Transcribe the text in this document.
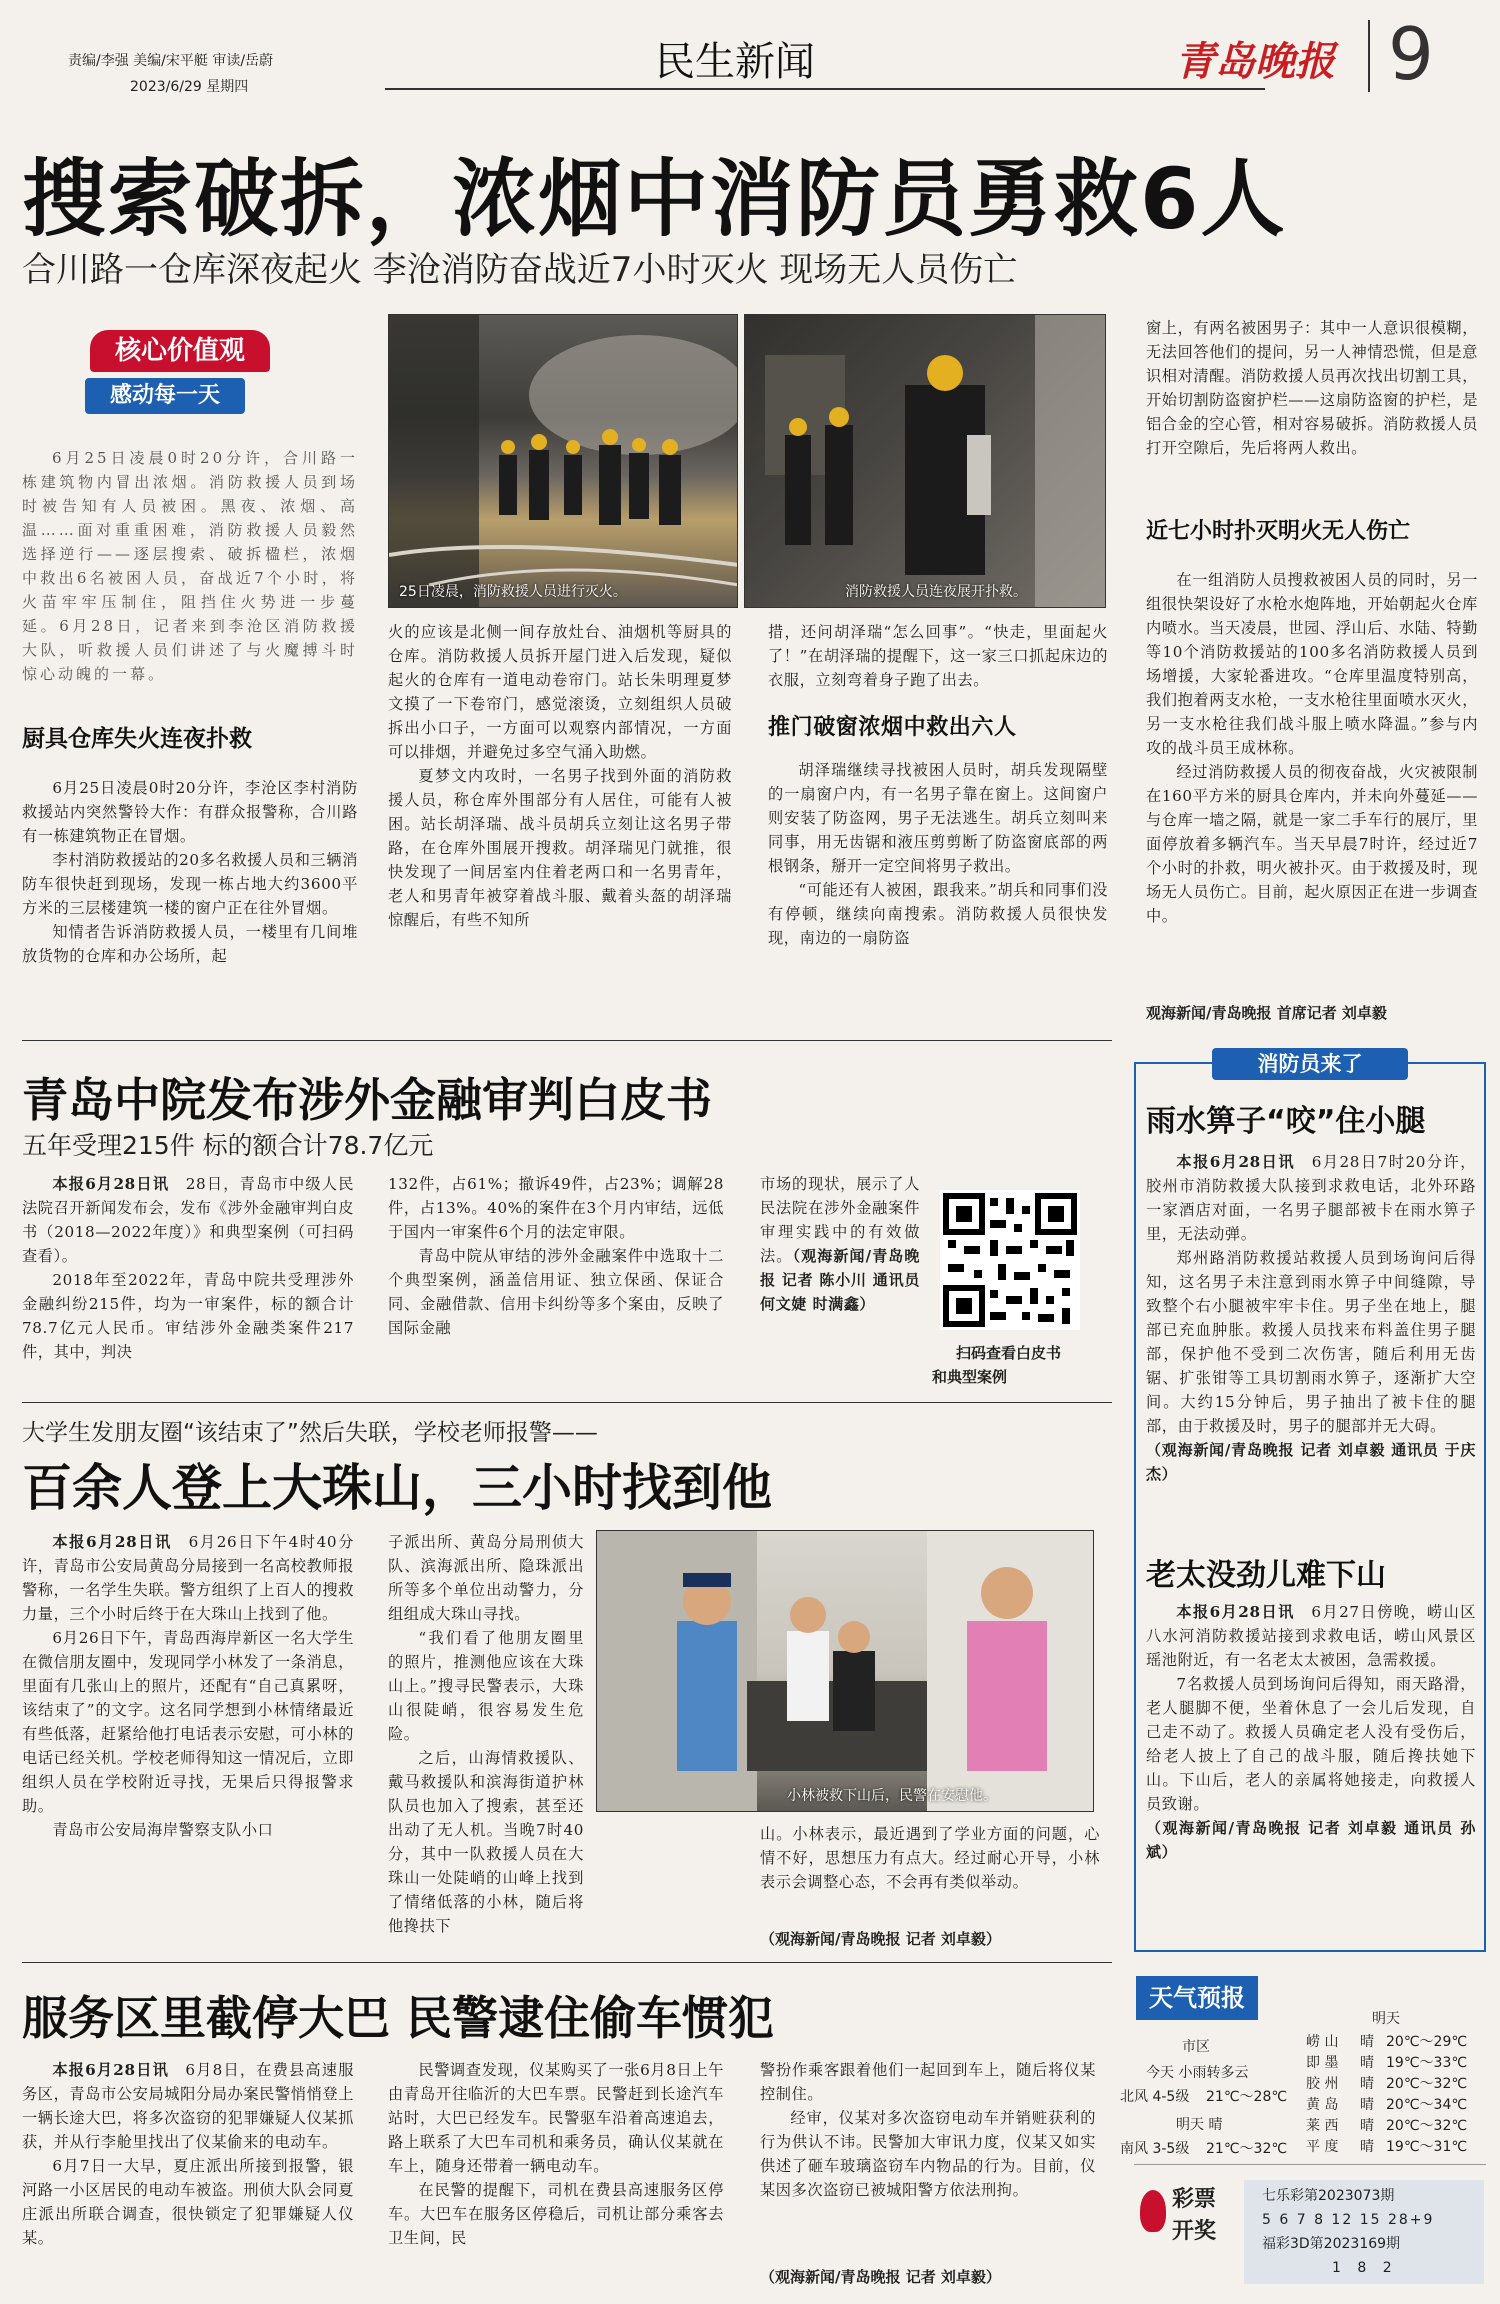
责编/李强 美编/宋平艇 审读/岳蔚
2023/6/29 星期四
民生新闻	青岛晚报 9
搜索破拆，浓烟中消防员勇救6人
合川路一仓库深夜起火 李沧消防奋战近7小时灭火 现场无人员伤亡
核心价值观
感动每一天

6月25日凌晨0时20分许，合川路一栋建筑物内冒出浓烟。消防救援人员到场时被告知有人员被困。黑夜、浓烟、高温……面对重重困难，消防救援人员毅然选择逆行——逐层搜索、破拆楹栏，浓烟中救出6名被困人员，奋战近7个小时，将火苗牢牢压制住，阻挡住火势进一步蔓延。6月28日，记者来到李沧区消防救援大队，听救援人员们讲述了与火魔搏斗时惊心动魄的一幕。

厨具仓库失火连夜扑救

6月25日凌晨0时20分许，李沧区李村消防救援站内突然警铃大作：有群众报警称，合川路有一栋建筑物正在冒烟。

李村消防救援站的20多名救援人员和三辆消防车很快赶到现场，发现一栋占地大约3600平方米的三层楼建筑一楼的窗户正在往外冒烟。

知情者告诉消防救援人员，一楼里有几间堆放货物的仓库和办公场所，起

25日凌晨，消防救援人员进行灭火。	消防救援人员连夜展开扑救。

火的应该是北侧一间存放灶台、油烟机等厨具的仓库。消防救援人员拆开屋门进入后发现，疑似起火的仓库有一道电动卷帘门。站长朱明理夏梦文摸了一下卷帘门，感觉滚烫，立刻组织人员破拆出小口子，一方面可以观察内部情况，一方面可以排烟，并避免过多空气涌入助燃。

夏梦文内攻时，一名男子找到外面的消防救援人员，称仓库外围部分有人居住，可能有人被困。站长胡泽瑞、战斗员胡兵立刻让这名男子带路，在仓库外围展开搜救。胡泽瑞见门就推，很快发现了一间居室内住着老两口和一名男青年，老人和男青年被穿着战斗服、戴着头盔的胡泽瑞惊醒后，有些不知所

措，还问胡泽瑞“怎么回事”。“快走，里面起火了！”在胡泽瑞的提醒下，这一家三口抓起床边的衣服，立刻弯着身子跑了出去。

推门破窗浓烟中救出六人

胡泽瑞继续寻找被困人员时，胡兵发现隔壁的一扇窗户内，有一名男子靠在窗上。这间窗户则安装了防盗网，男子无法逃生。胡兵立刻叫来同事，用无齿锯和液压剪剪断了防盗窗底部的两根钢条，掰开一定空间将男子救出。

“可能还有人被困，跟我来。”胡兵和同事们没有停顿，继续向南搜索。消防救援人员很快发现，南边的一扇防盗

窗上，有两名被困男子：其中一人意识很模糊，无法回答他们的提问，另一人神情恐慌，但是意识相对清醒。消防救援人员再次找出切割工具，开始切割防盗窗护栏——这扇防盗窗的护栏，是铝合金的空心管，相对容易破拆。消防救援人员打开空隙后，先后将两人救出。

近七小时扑灭明火无人伤亡

在一组消防人员搜救被困人员的同时，另一组很快架设好了水枪水炮阵地，开始朝起火仓库内喷水。当天凌晨，世园、浮山后、水陆、特勤等10个消防救援站的100多名消防救援人员到场增援，大家轮番进攻。“仓库里温度特别高，我们抱着两支水枪，一支水枪往里面喷水灭火，另一支水枪往我们战斗服上喷水降温。”参与内攻的战斗员王成林称。

经过消防救援人员的彻夜奋战，火灾被限制在160平方米的厨具仓库内，并未向外蔓延——与仓库一墙之隔，就是一家二手车行的展厅，里面停放着多辆汽车。当天早晨7时许，经过近7个小时的扑救，明火被扑灭。由于救援及时，现场无人员伤亡。目前，起火原因正在进一步调查中。

观海新闻/青岛晚报 首席记者 刘卓毅
青岛中院发布涉外金融审判白皮书
五年受理215件 标的额合计78.7亿元

本报6月28日讯　 28日，青岛市中级人民法院召开新闻发布会，发布《涉外金融审判白皮书（2018—2022年度）》和典型案例（可扫码查看）。

2018年至2022年，青岛中院共受理涉外金融纠纷215件，均为一审案件，标的额合计78.7亿元人民币。审结涉外金融类案件217件，其中，判决

132件，占61%；撤诉49件，占23%；调解28件，占13%。40%的案件在3个月内审结，远低于国内一审案件6个月的法定审限。

青岛中院从审结的涉外金融案件中选取十二个典型案例，涵盖信用证、独立保函、保证合同、金融借款、信用卡纠纷等多个案由，反映了国际金融

市场的现状，展示了人民法院在涉外金融案件审理实践中的有效做法。（观海新闻/青岛晚报 记者 陈小川 通讯员 何文婕 时满鑫）

扫码查看白皮书
和典型案例
大学生发朋友圈“该结束了”然后失联，学校老师报警——
百余人登上大珠山，三小时找到他

本报6月28日讯　 6月26日下午4时40分许，青岛市公安局黄岛分局接到一名高校教师报警称，一名学生失联。警方组织了上百人的搜救力量，三个小时后终于在大珠山上找到了他。

6月26日下午，青岛西海岸新区一名大学生在微信朋友圈中，发现同学小林发了一条消息，里面有几张山上的照片，还配有“自己真累呀，该结束了”的文字。这名同学想到小林情绪最近有些低落，赶紧给他打电话表示安慰，可小林的电话已经关机。学校老师得知这一情况后，立即组织人员在学校附近寻找，无果后只得报警求助。

青岛市公安局海岸警察支队小口

子派出所、黄岛分局刑侦大队、滨海派出所、隐珠派出所等多个单位出动警力，分组组成大珠山寻找。

“我们看了他朋友圈里的照片，推测他应该在大珠山上。”搜寻民警表示，大珠山很陡峭，很容易发生危险。

之后，山海情救援队、戴马救援队和滨海街道护林队员也加入了搜索，甚至还出动了无人机。当晚7时40分，其中一队救援人员在大珠山一处陡峭的山峰上找到了情绪低落的小林，随后将他搀扶下

小林被救下山后，民警在安慰他。

山。小林表示，最近遇到了学业方面的问题，心情不好，思想压力有点大。经过耐心开导，小林表示会调整心态，不会再有类似举动。

（观海新闻/青岛晚报 记者 刘卓毅）
服务区里截停大巴 民警逮住偷车惯犯

本报6月28日讯　 6月8日，在费县高速服务区，青岛市公安局城阳分局办案民警悄悄登上一辆长途大巴，将多次盗窃的犯罪嫌疑人仪某抓获，并从行李舱里找出了仪某偷来的电动车。

6月7日一大早，夏庄派出所接到报警，银河路一小区居民的电动车被盗。刑侦大队会同夏庄派出所联合调查，很快锁定了犯罪嫌疑人仪某。

民警调查发现，仪某购买了一张6月8日上午由青岛开往临沂的大巴车票。民警赶到长途汽车站时，大巴已经发车。民警驱车沿着高速追去，路上联系了大巴车司机和乘务员，确认仪某就在车上，随身还带着一辆电动车。

在民警的提醒下，司机在费县高速服务区停车。大巴车在服务区停稳后，司机让部分乘客去卫生间，民

警扮作乘客跟着他们一起回到车上，随后将仪某控制住。

经审，仪某对多次盗窃电动车并销赃获利的行为供认不讳。民警加大审讯力度，仪某又如实供述了砸车玻璃盗窃车内物品的行为。目前，仪某因多次盗窃已被城阳警方依法刑拘。

（观海新闻/青岛晚报 记者 刘卓毅）
消防员来了
雨水箅子“咬”住小腿

本报6月28日讯　 6月28日7时20分许，胶州市消防救援大队接到求救电话，北外环路一家酒店对面，一名男子腿部被卡在雨水箅子里，无法动弹。

郑州路消防救援站救援人员到场询问后得知，这名男子未注意到雨水箅子中间缝隙，导致整个右小腿被牢牢卡住。男子坐在地上，腿部已充血肿胀。救援人员找来布料盖住男子腿部，保护他不受到二次伤害，随后利用无齿锯、扩张钳等工具切割雨水箅子，逐渐扩大空间。大约15分钟后，男子抽出了被卡住的腿部，由于救援及时，男子的腿部并无大碍。

（观海新闻/青岛晚报 记者 刘卓毅 通讯员 于庆杰）

老太没劲儿难下山

本报6月28日讯　 6月27日傍晚，崂山区八水河消防救援站接到求救电话，崂山风景区瑶池附近，有一名老太太被困，急需救援。

7名救援人员到场询问后得知，雨天路滑，老人腿脚不便，坐着休息了一会儿后发现，自己走不动了。救援人员确定老人没有受伤后，给老人披上了自己的战斗服，随后搀扶她下山。下山后，老人的亲属将她接走，向救援人员致谢。

（观海新闻/青岛晚报 记者 刘卓毅 通讯员 孙斌）

天气预报
市区
今天 小雨转多云
北风 4-5级 21℃～28℃
明天 晴
南风 3-5级 21℃～32℃
明天
崂 山	晴 20℃～29℃
即 墨	晴 19℃～33℃
胶 州	晴 20℃～32℃
黄 岛	晴 20℃～34℃
莱 西	晴 20℃～32℃
平 度	晴 19℃～31℃
彩票
开奖
七乐彩第2023073期
5 6 7 8 12 15 28+9
福彩3D第2023169期
1 8 2
